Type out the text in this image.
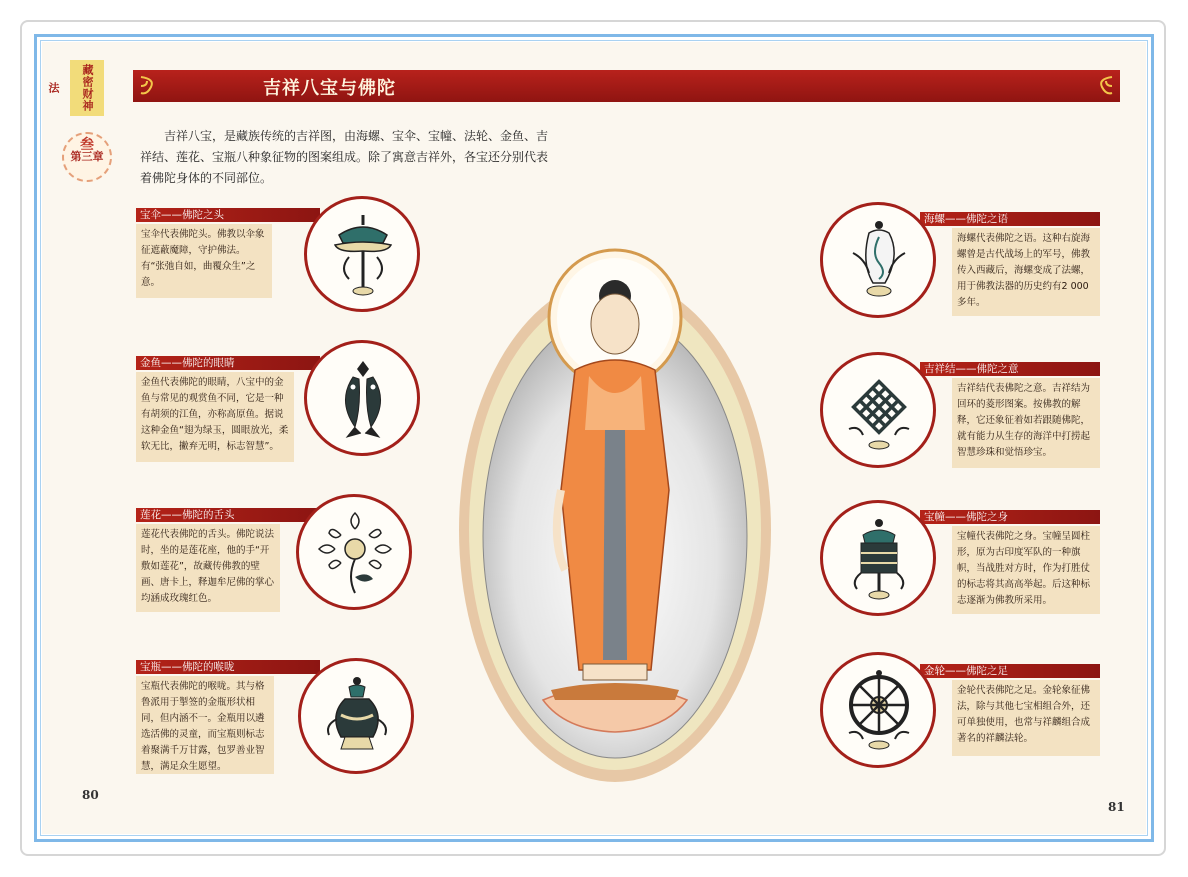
藏密财神法
叁
第三章
吉祥八宝与佛陀
吉祥八宝，是藏族传统的吉祥图，由海螺、宝伞、宝幢、法轮、金鱼、吉祥结、莲花、宝瓶八种象征物的图案组成。除了寓意吉祥外，各宝还分别代表着佛陀身体的不同部位。
宝伞——佛陀之头
宝伞代表佛陀头。佛教以伞象征遮蔽魔障，守护佛法。有“张弛自如，曲覆众生”之意。
金鱼——佛陀的眼睛
金鱼代表佛陀的眼睛，八宝中的金鱼与常见的观赏鱼不同，它是一种有胡须的江鱼，亦称高原鱼。据说这种金鱼“翅为绿玉，圆眼放光，柔软无比，撇弃无明，标志智慧”。
莲花——佛陀的舌头
莲花代表佛陀的舌头。佛陀说法时，坐的是莲花座，他的手“开敷如莲花”，故藏传佛教的壁画、唐卡上，释迦牟尼佛的掌心均涵成玫瑰红色。
宝瓶——佛陀的喉咙
宝瓶代表佛陀的喉咙。其与格鲁派用于掣签的金瓶形状相同，但内涵不一。金瓶用以遴选活佛的灵童，而宝瓶则标志着聚满千万甘露，包罗善业智慧，满足众生愿望。
海螺——佛陀之语
海螺代表佛陀之语。这种右旋海螺曾是古代战场上的军号，佛教传入西藏后，海螺变成了法螺，用于佛教法器的历史约有2 000多年。
吉祥结——佛陀之意
吉祥结代表佛陀之意。吉祥结为回环的菱形图案。按佛教的解释，它还象征着如若跟随佛陀，就有能力从生存的海洋中打捞起智慧珍珠和觉悟珍宝。
宝幢——佛陀之身
宝幢代表佛陀之身。宝幢呈圆柱形，原为古印度军队的一种旗帜，当战胜对方时，作为打胜仗的标志将其高高举起。后这种标志逐渐为佛教所采用。
金轮——佛陀之足
金轮代表佛陀之足。金轮象征佛法，除与其他七宝相组合外，还可单独使用，也常与祥麟组合成著名的祥麟法轮。
80
81
